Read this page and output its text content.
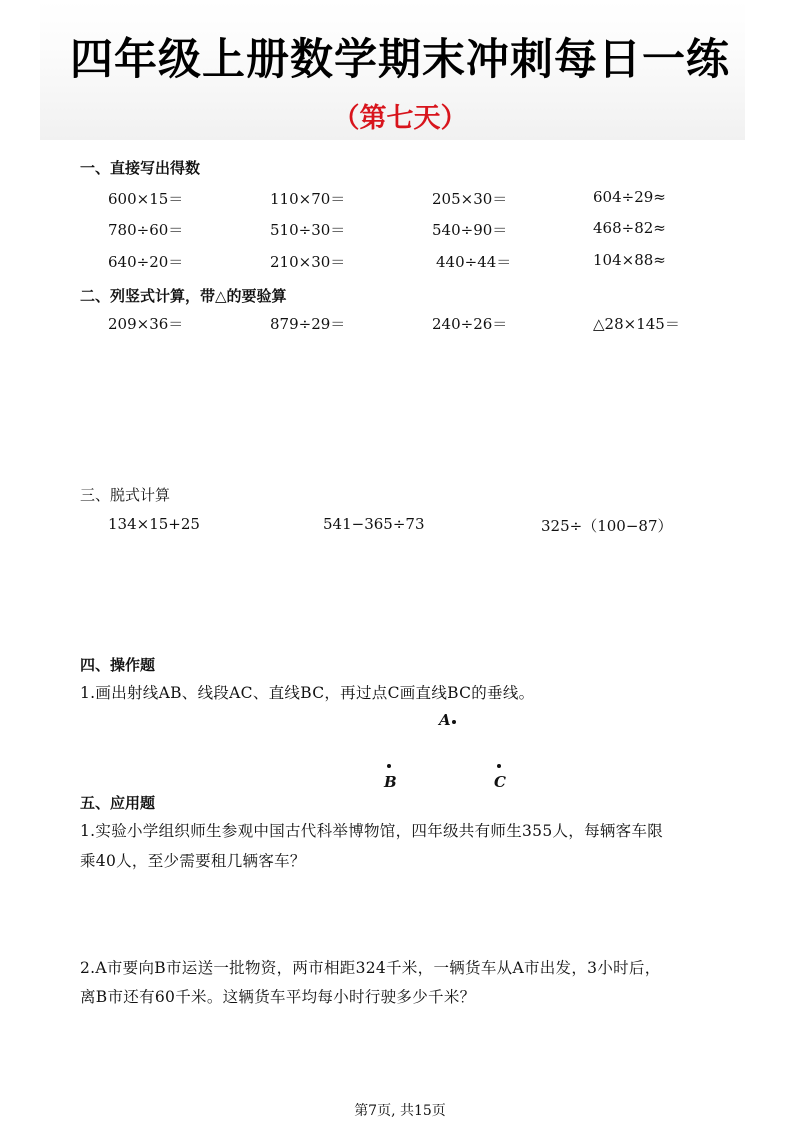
四年级上册数学期末冲刺每日一练
（第七天）
一、直接写出得数
600×15＝	110×70＝	205×30＝	604÷29≈
780÷60＝	510÷30＝	540÷90＝	468÷82≈
640÷20＝	210×30＝	440÷44＝	104×88≈
二、列竖式计算，带△的要验算
209×36＝	879÷29＝	240÷26＝	△28×145＝
三、脱式计算
134×15+25	541−365÷73	325÷（100−87）
四、操作题
1.画出射线AB、线段AC、直线BC，再过点C画直线BC的垂线。
A
B	C
五、应用题
1.实验小学组织师生参观中国古代科举博物馆，四年级共有师生355人，每辆客车限
乘40人，至少需要租几辆客车？
2.A市要向B市运送一批物资，两市相距324千米，一辆货车从A市出发，3小时后，
离B市还有60千米。这辆货车平均每小时行驶多少千米？
第7页, 共15页
